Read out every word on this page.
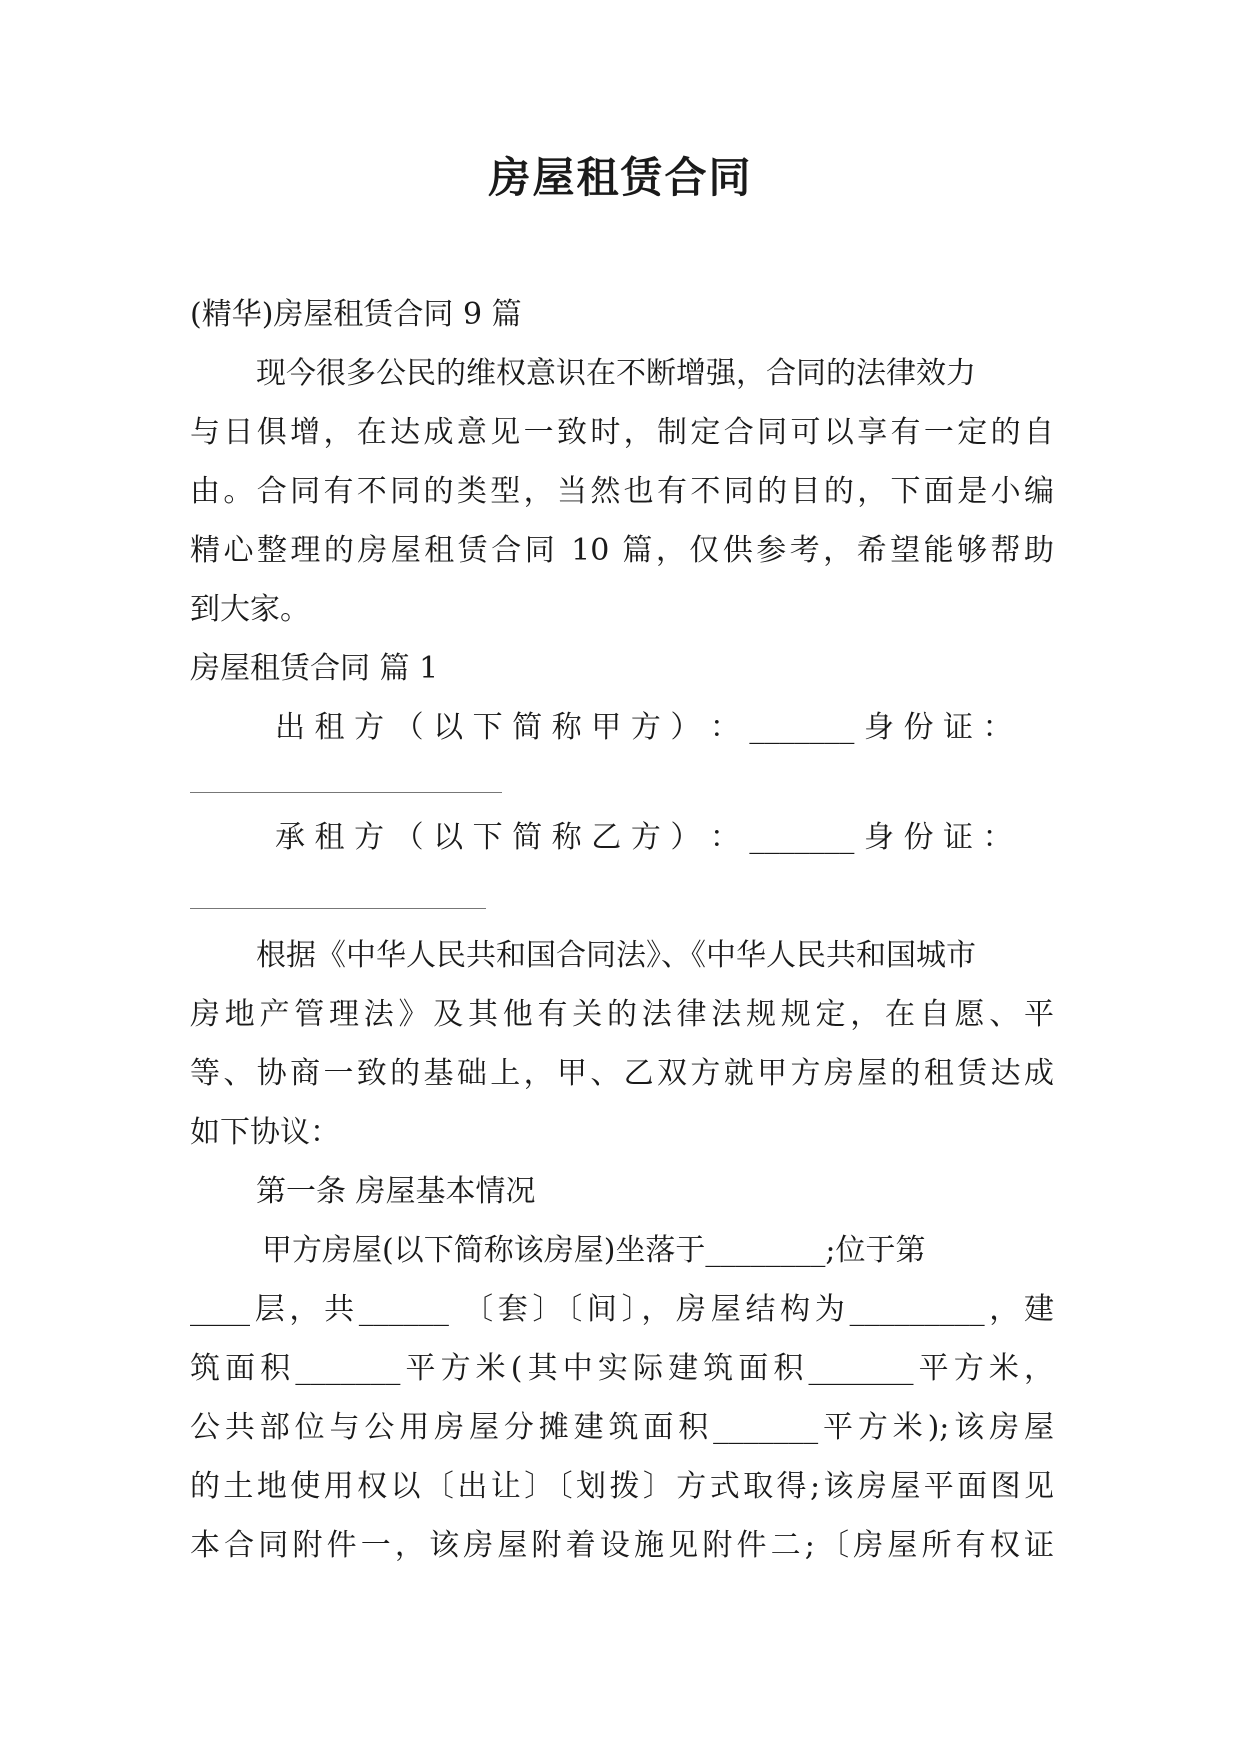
房屋租赁合同

(精华)房屋租赁合同 9 篇

现今很多公民的维权意识在不断增强，合同的法律效力

与日俱增，在达成意见一致时，制定合同可以享有一定的自

由。合同有不同的类型，当然也有不同的目的，下面是小编

精心整理的房屋租赁合同 10 篇，仅供参考，希望能够帮助

到大家。

房屋租赁合同 篇 1

出 租 方 （ 以 下 简 称 甲 方 ） ： _______ 身 份 证 ：

承 租 方 （ 以 下 简 称 乙 方 ） ： _______ 身 份 证 ：

根据《中华人民共和国合同法》、《中华人民共和国城市

房地产管理法》及其他有关的法律法规规定，在自愿、平

等、协商一致的基础上，甲、乙双方就甲方房屋的租赁达成

如下协议：

第一条 房屋基本情况

甲方房屋(以下简称该房屋)坐落于________;位于第

____层，共______ 〔套〕〔间〕，房屋结构为_________，建

筑面积_______平方米(其中实际建筑面积_______平方米，

公共部位与公用房屋分摊建筑面积_______平方米);该房屋

的土地使用权以〔出让〕〔划拨〕方式取得;该房屋平面图见

本合同附件一，该房屋附着设施见附件二;〔房屋所有权证
